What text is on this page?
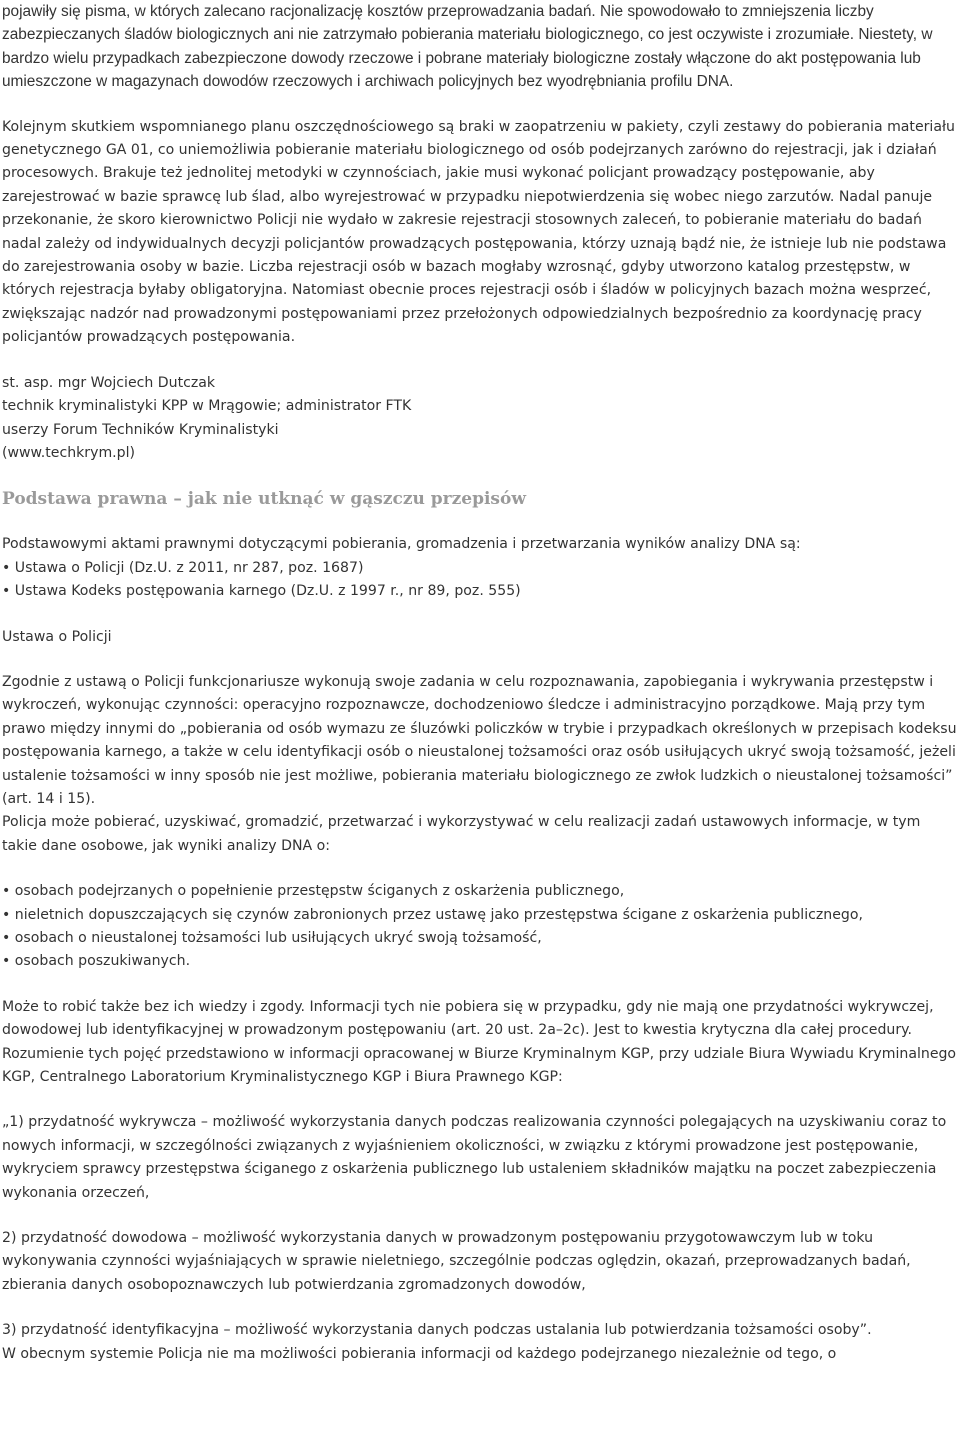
pojawiły się pisma, w których zalecano racjonalizację kosztów przeprowadzania badań. Nie spowodowało to zmniejszenia liczby zabezpieczanych śladów biologicznych ani nie zatrzymało pobierania materiału biologicznego, co jest oczywiste i zrozumiałe. Niestety, w bardzo wielu przypadkach zabezpieczone dowody rzeczowe i pobrane materiały biologiczne zostały włączone do akt postępowania lub umieszczone w magazynach dowodów rzeczowych i archiwach policyjnych bez wyodrębniania profilu DNA.

Kolejnym skutkiem wspomnianego planu oszczędnościowego są braki w zaopatrzeniu w pakiety, czyli zestawy do pobierania materiału genetycznego GA 01, co uniemożliwia pobieranie materiału biologicznego od osób podejrzanych zarówno do rejestracji, jak i działań procesowych. Brakuje też jednolitej metodyki w czynnościach, jakie musi wykonać policjant prowadzący postępowanie, aby zarejestrować w bazie sprawcę lub ślad, albo wyrejestrować w przypadku niepotwierdzenia się wobec niego zarzutów. Nadal panuje przekonanie, że skoro kierownictwo Policji nie wydało w zakresie rejestracji stosownych zaleceń, to pobieranie materiału do badań nadal zależy od indywidualnych decyzji policjantów prowadzących postępowania, którzy uznają bądź nie, że istnieje lub nie podstawa do zarejestrowania osoby w bazie. Liczba rejestracji osób w bazach mogłaby wzrosnąć, gdyby utworzono katalog przestępstw, w których rejestracja byłaby obligatoryjna. Natomiast obecnie proces rejestracji osób i śladów w policyjnych bazach można wesprzeć, zwiększając nadzór nad prowadzonymi postępowaniami przez przełożonych odpowiedzialnych bezpośrednio za koordynację pracy policjantów prowadzących postępowania.

st. asp. mgr Wojciech Dutczak
technik kryminalistyki KPP w Mrągowie; administrator FTK
userzy Forum Techników Kryminalistyki
(www.techkrym.pl)
Podstawa prawna – jak nie utknąć w gąszczu przepisów
Podstawowymi aktami prawnymi dotyczącymi pobierania, gromadzenia i przetwarzania wyników analizy DNA są:
• Ustawa o Policji (Dz.U. z 2011, nr 287, poz. 1687)
• Ustawa Kodeks postępowania karnego (Dz.U. z 1997 r., nr 89, poz. 555)

Ustawa o Policji

Zgodnie z ustawą o Policji funkcjonariusze wykonują swoje zadania w celu rozpoznawania, zapobiegania i wykrywania przestępstw i wykroczeń, wykonując czynności: operacyjno rozpoznawcze, dochodzeniowo śledcze i administracyjno porządkowe. Mają przy tym prawo między innymi do „pobierania od osób wymazu ze śluzówki policzków w trybie i przypadkach określonych w przepisach kodeksu postępowania karnego, a także w celu identyfikacji osób o nieustalonej tożsamości oraz osób usiłujących ukryć swoją tożsamość, jeżeli ustalenie tożsamości w inny sposób nie jest możliwe, pobierania materiału biologicznego ze zwłok ludzkich o nieustalonej tożsamości” (art. 14 i 15).

Policja może pobierać, uzyskiwać, gromadzić, przetwarzać i wykorzystywać w celu realizacji zadań ustawowych informacje, w tym takie dane osobowe, jak wyniki analizy DNA o:

• osobach podejrzanych o popełnienie przestępstw ściganych z oskarżenia publicznego,
• nieletnich dopuszczających się czynów zabronionych przez ustawę jako przestępstwa ścigane z oskarżenia publicznego,
• osobach o nieustalonej tożsamości lub usiłujących ukryć swoją tożsamość,
• osobach poszukiwanych.

Może to robić także bez ich wiedzy i zgody. Informacji tych nie pobiera się w przypadku, gdy nie mają one przydatności wykrywczej, dowodowej lub identyfikacyjnej w prowadzonym postępowaniu (art. 20 ust. 2a–2c). Jest to kwestia krytyczna dla całej procedury. Rozumienie tych pojęć przedstawiono w informacji opracowanej w Biurze Kryminalnym KGP, przy udziale Biura Wywiadu Kryminalnego KGP, Centralnego Laboratorium Kryminalistycznego KGP i Biura Prawnego KGP:

„1) przydatność wykrywcza – możliwość wykorzystania danych podczas realizowania czynności polegających na uzyskiwaniu coraz to nowych informacji, w szczególności związanych z wyjaśnieniem okoliczności, w związku z którymi prowadzone jest postępowanie, wykryciem sprawcy przestępstwa ściganego z oskarżenia publicznego lub ustaleniem składników majątku na poczet zabezpieczenia wykonania orzeczeń,

2) przydatność dowodowa – możliwość wykorzystania danych w prowadzonym postępowaniu przygotowawczym lub w toku wykonywania czynności wyjaśniających w sprawie nieletniego, szczególnie podczas oględzin, okazań, przeprowadzanych badań, zbierania danych osobopoznawczych lub potwierdzania zgromadzonych dowodów,

3) przydatność identyfikacyjna – możliwość wykorzystania danych podczas ustalania lub potwierdzania tożsamości osoby”.

W obecnym systemie Policja nie ma możliwości pobierania informacji od każdego podejrzanego niezależnie od tego, o
